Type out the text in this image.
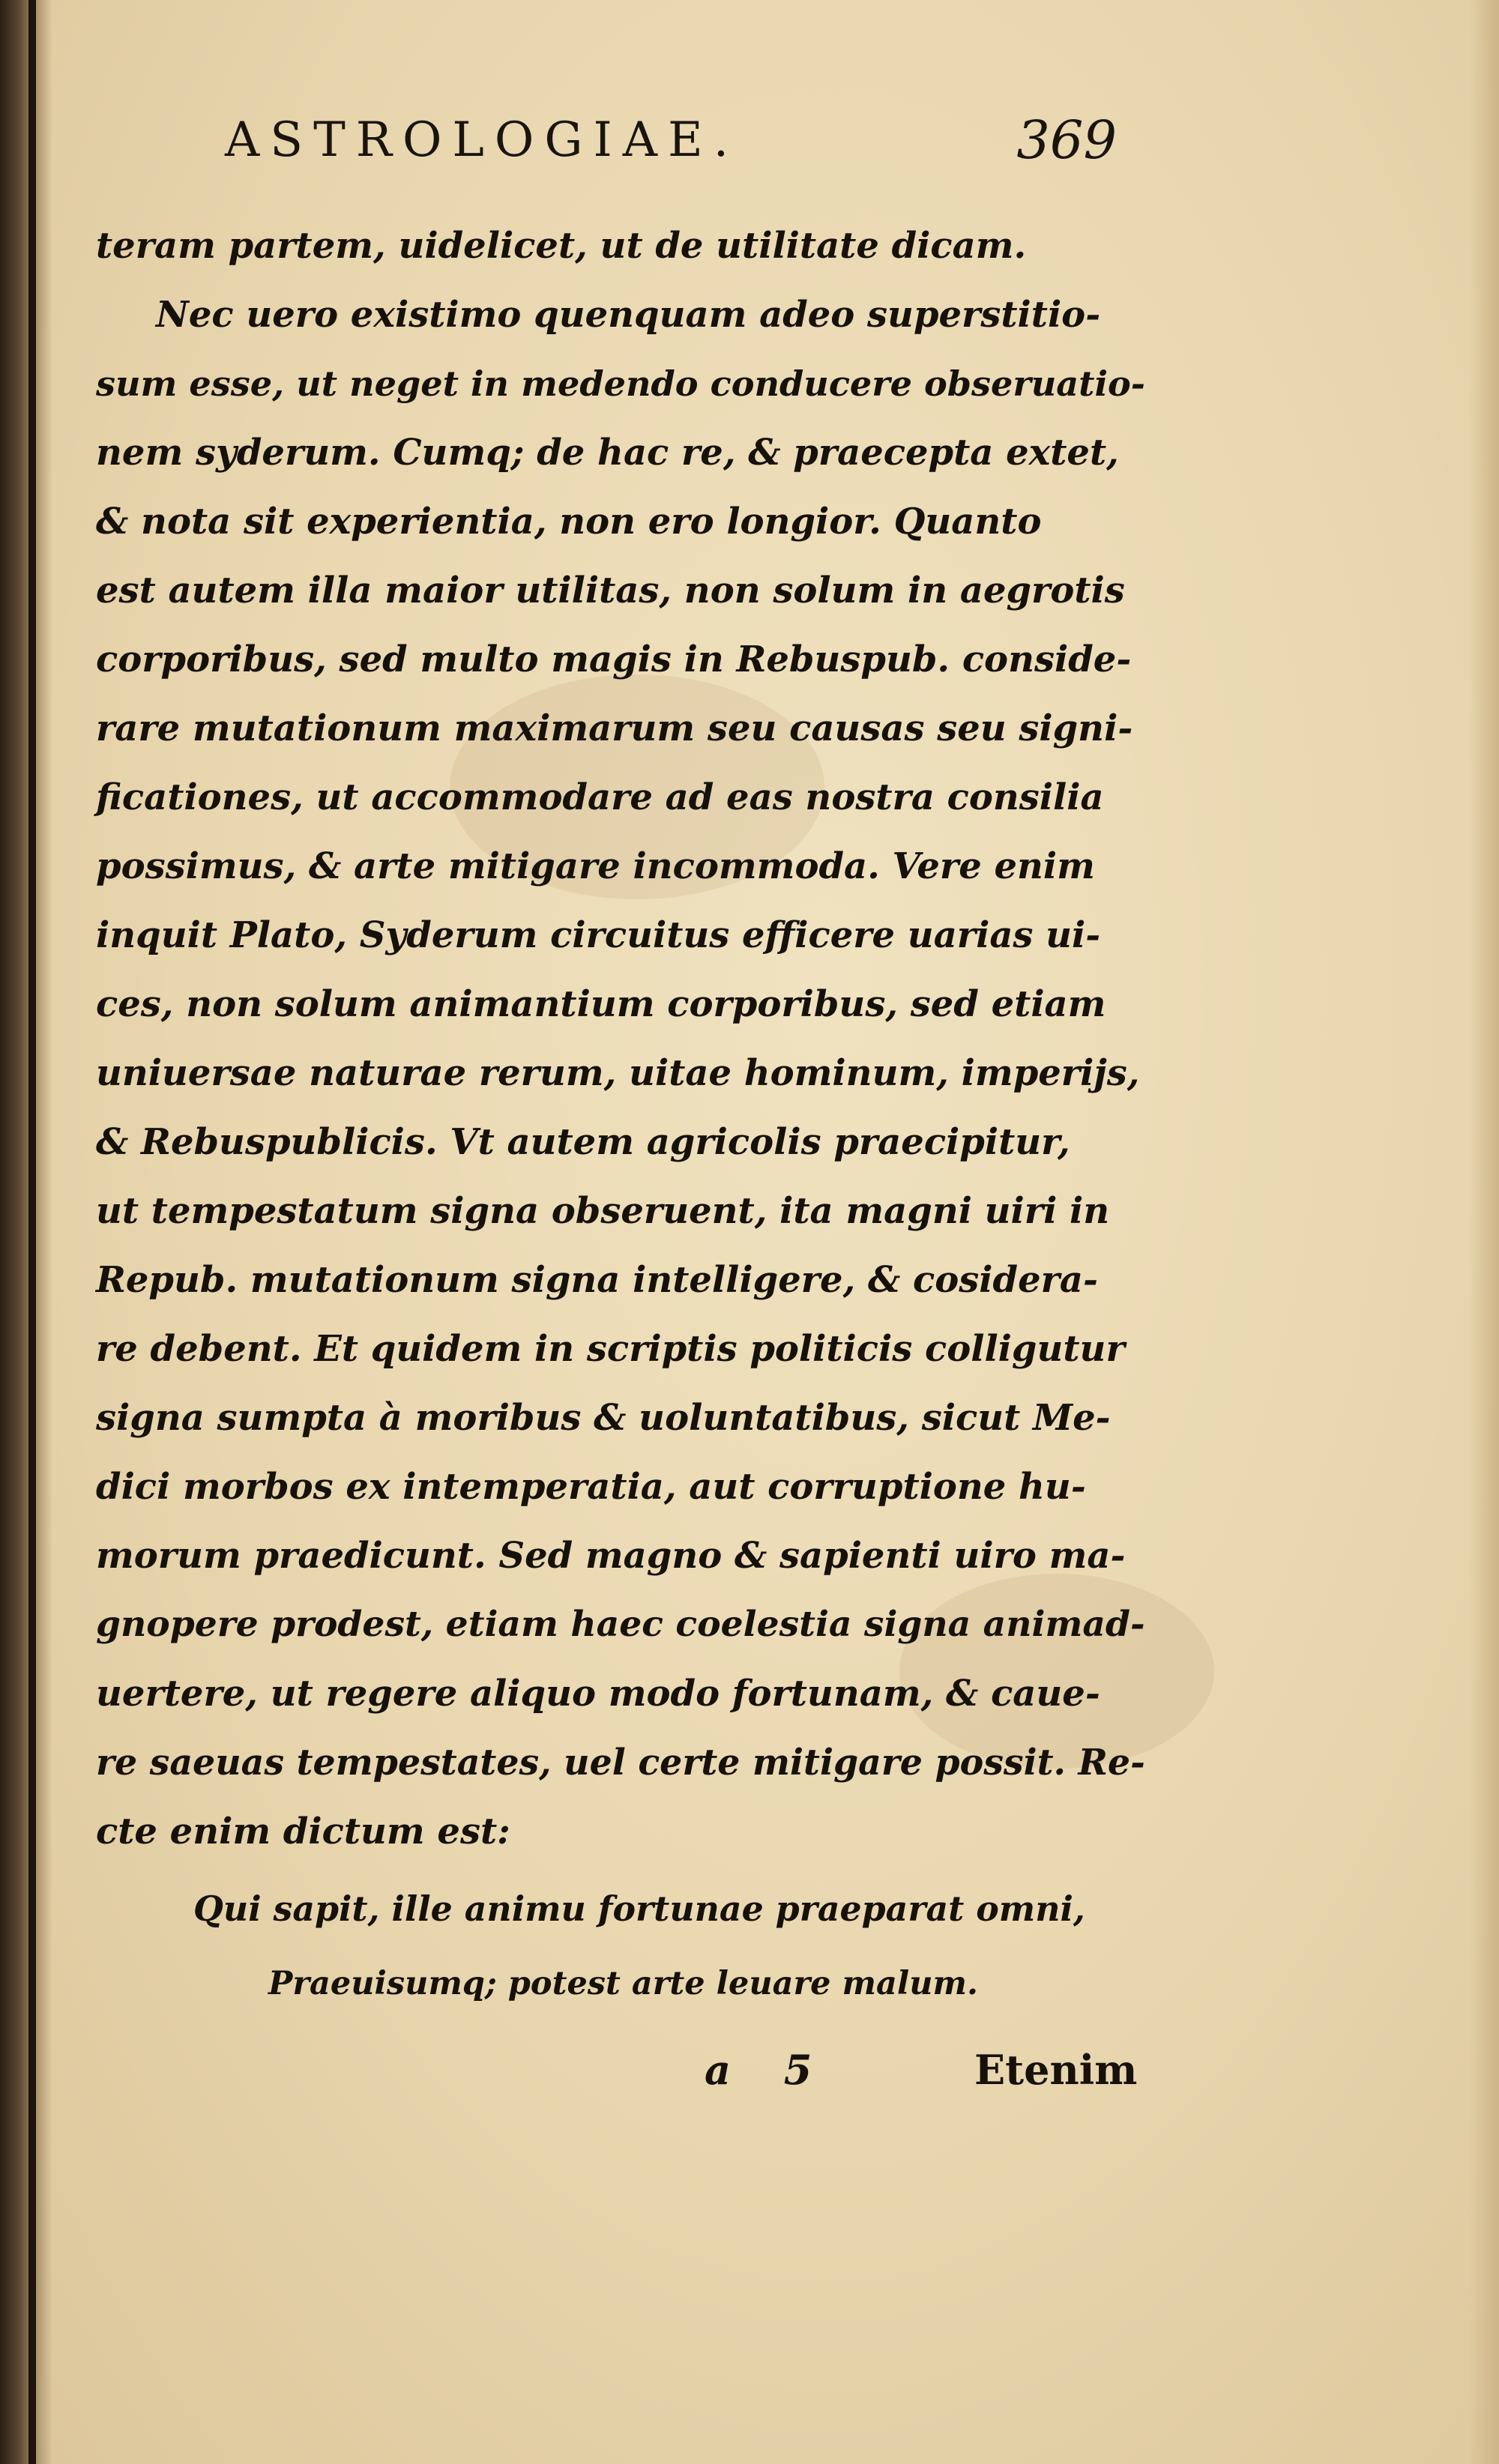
ASTROLOGIAE.	369
teram partem, uidelicet, ut de utilitate dicam.
Nec uero existimo quenquam adeo superstitio-
sum esse, ut neget in medendo conducere obseruatio-
nem syderum. Cumq; de hac re, & praecepta extet,
& nota sit experientia, non ero longior. Quanto
est autem illa maior utilitas, non solum in aegrotis
corporibus, sed multo magis in Rebuspub. conside-
rare mutationum maximarum seu causas seu signi-
ficationes, ut accommodare ad eas nostra consilia
possimus, & arte mitigare incommoda. Vere enim
inquit Plato, Syderum circuitus efficere uarias ui-
ces, non solum animantium corporibus, sed etiam
uniuersae naturae rerum, uitae hominum, imperijs,
& Rebuspublicis. Vt autem agricolis praecipitur,
ut tempestatum signa obseruent, ita magni uiri in
Repub. mutationum signa intelligere, & cosidera-
re debent. Et quidem in scriptis politicis colligutur
signa sumpta à moribus & uoluntatibus, sicut Me-
dici morbos ex intemperatia, aut corruptione hu-
morum praedicunt. Sed magno & sapienti uiro ma-
gnopere prodest, etiam haec coelestia signa animad-
uertere, ut regere aliquo modo fortunam, & caue-
re saeuas tempestates, uel certe mitigare possit. Re-
cte enim dictum est:
Qui sapit, ille animu fortunae praeparat omni,
Praeuisumq; potest arte leuare malum.
a 5	Etenim
